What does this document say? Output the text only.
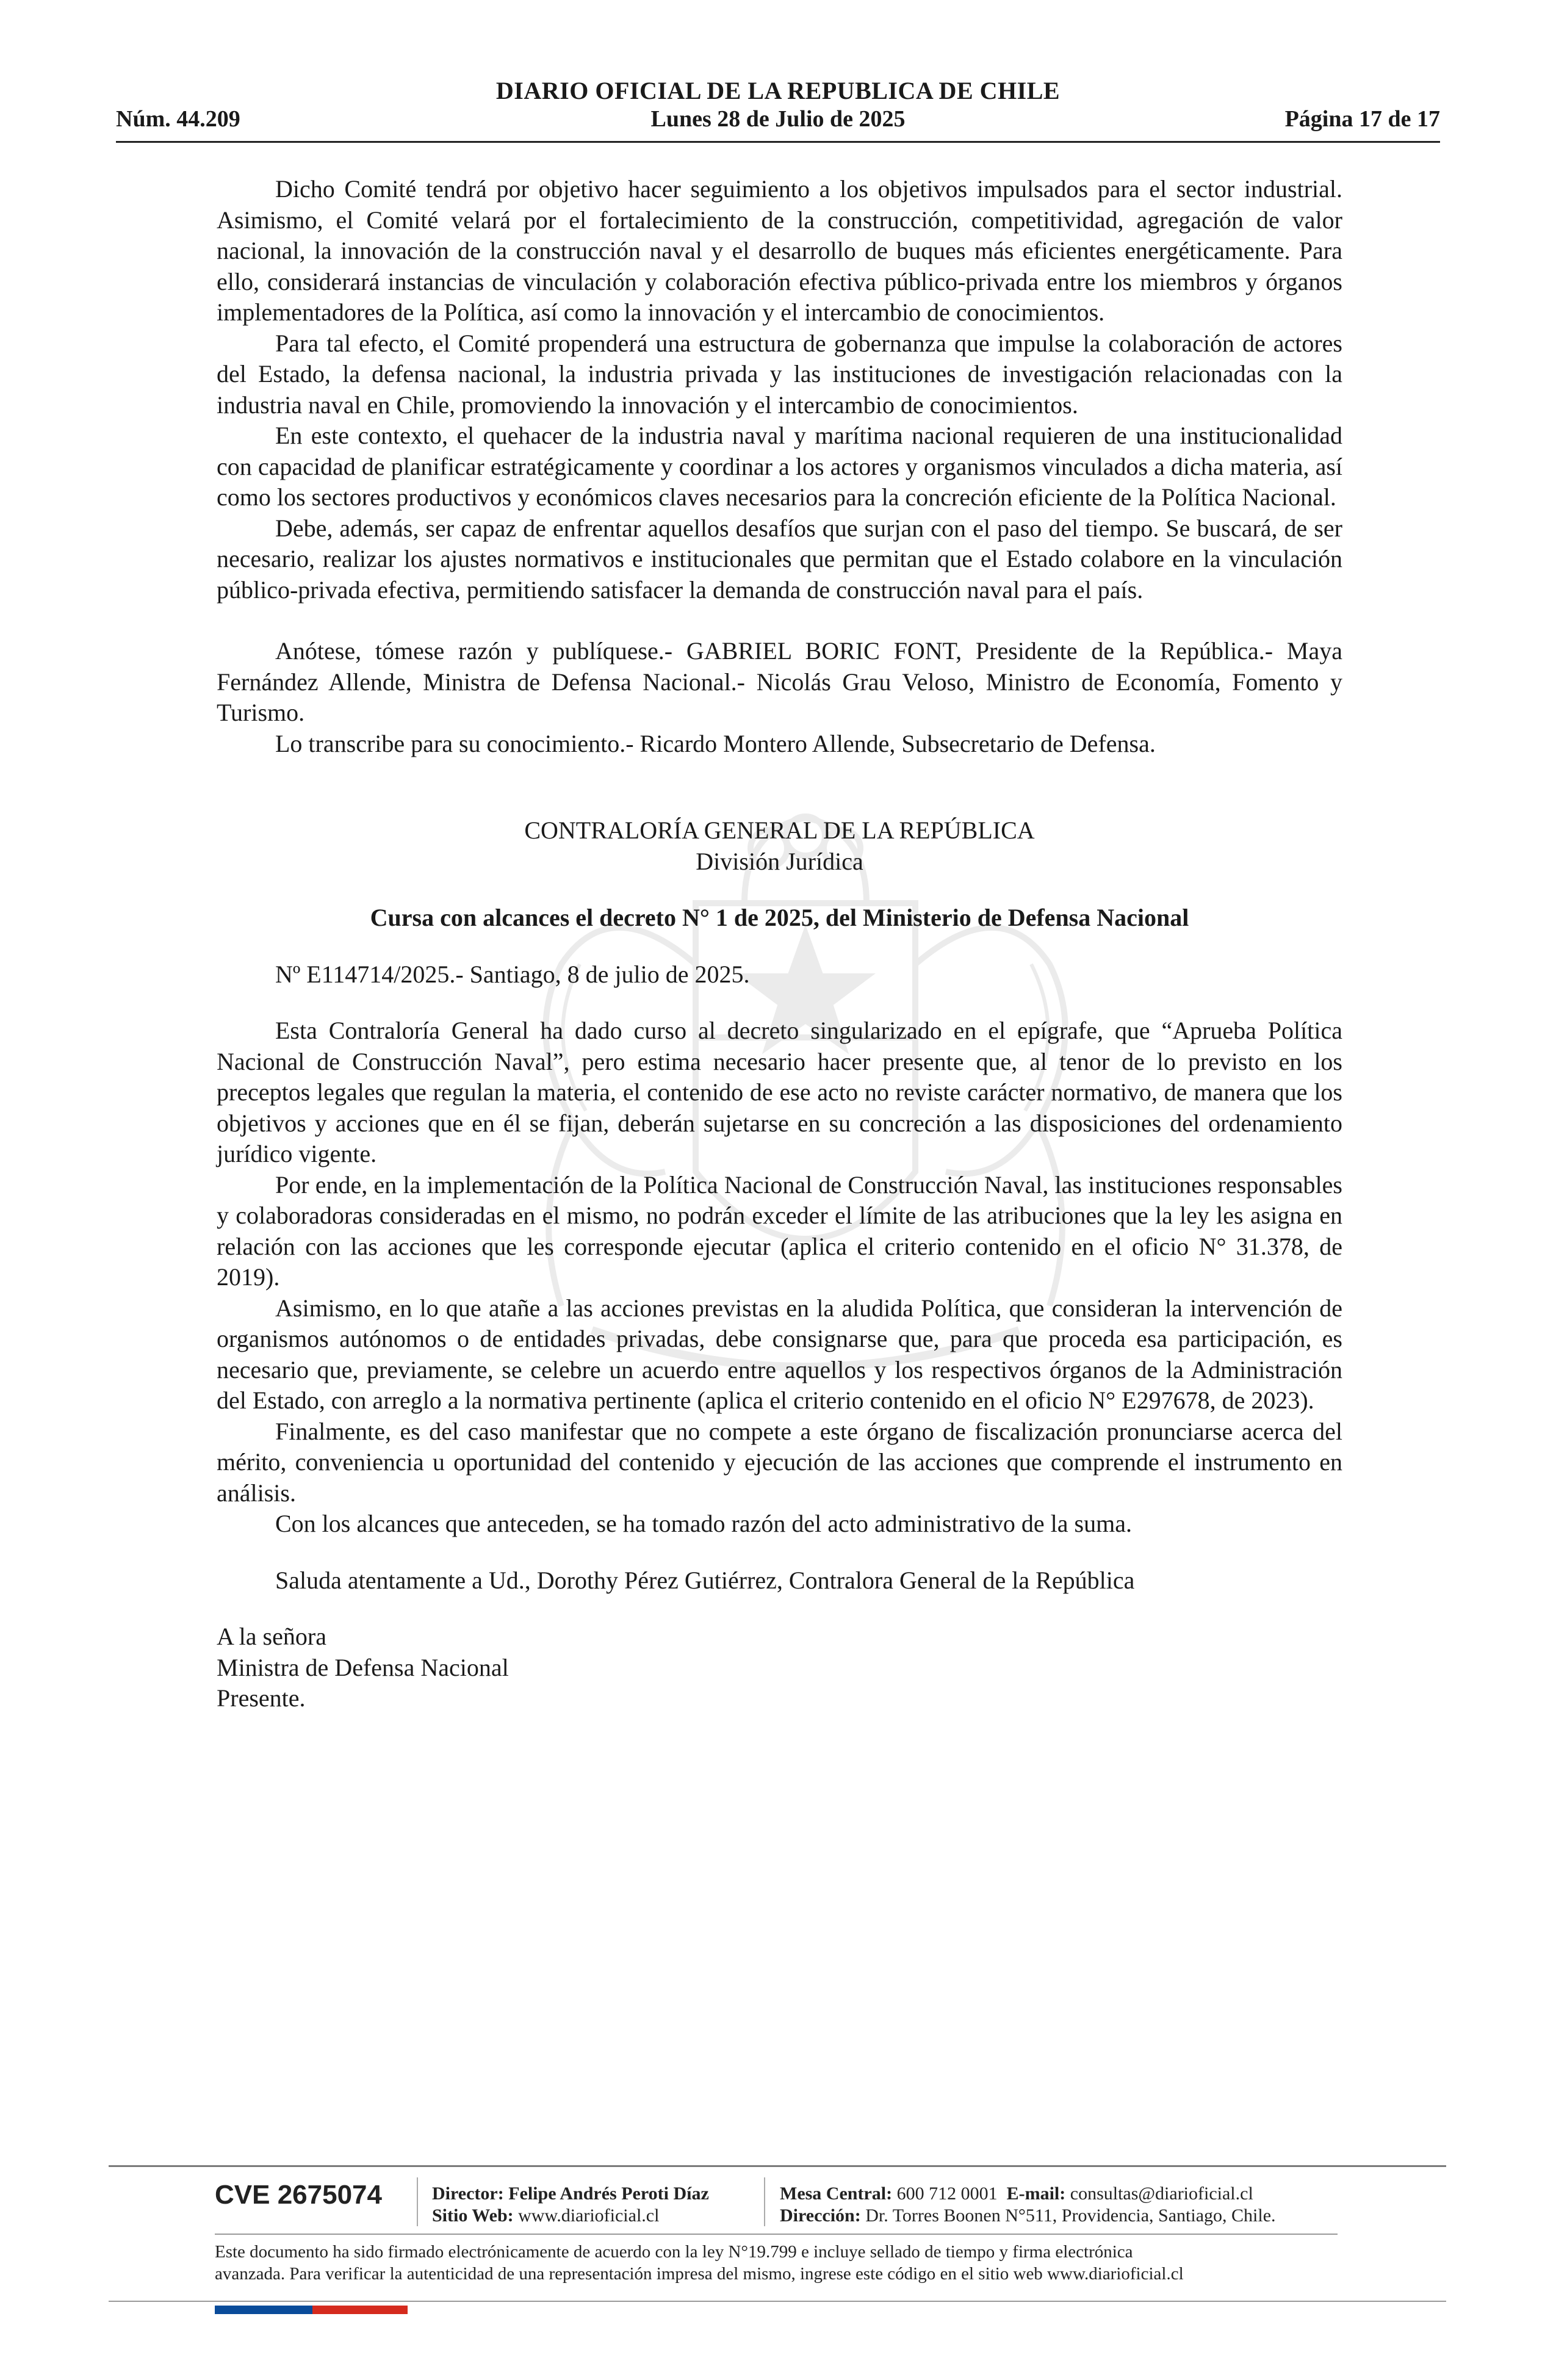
DIARIO OFICIAL DE LA REPUBLICA DE CHILE
Núm. 44.209	Lunes 28 de Julio de 2025	Página 17 de 17

Dicho Comité tendrá por objetivo hacer seguimiento a los objetivos impulsados para el sector industrial. Asimismo, el Comité velará por el fortalecimiento de la construcción, competitividad, agregación de valor nacional, la innovación de la construcción naval y el desarrollo de buques más eficientes energéticamente. Para ello, considerará instancias de vinculación y colaboración efectiva público-privada entre los miembros y órganos implementadores de la Política, así como la innovación y el intercambio de conocimientos.

Para tal efecto, el Comité propenderá una estructura de gobernanza que impulse la colaboración de actores del Estado, la defensa nacional, la industria privada y las instituciones de investigación relacionadas con la industria naval en Chile, promoviendo la innovación y el intercambio de conocimientos.

En este contexto, el quehacer de la industria naval y marítima nacional requieren de una institucionalidad con capacidad de planificar estratégicamente y coordinar a los actores y organismos vinculados a dicha materia, así como los sectores productivos y económicos claves necesarios para la concreción eficiente de la Política Nacional.

Debe, además, ser capaz de enfrentar aquellos desafíos que surjan con el paso del tiempo. Se buscará, de ser necesario, realizar los ajustes normativos e institucionales que permitan que el Estado colabore en la vinculación público-privada efectiva, permitiendo satisfacer la demanda de construcción naval para el país.

Anótese, tómese razón y publíquese.- GABRIEL BORIC FONT, Presidente de la República.- Maya Fernández Allende, Ministra de Defensa Nacional.- Nicolás Grau Veloso, Ministro de Economía, Fomento y Turismo.

Lo transcribe para su conocimiento.- Ricardo Montero Allende, Subsecretario de Defensa.

CONTRALORÍA GENERAL DE LA REPÚBLICA

División Jurídica

Cursa con alcances el decreto N° 1 de 2025, del Ministerio de Defensa Nacional

Nº E114714/2025.- Santiago, 8 de julio de 2025.

Esta Contraloría General ha dado curso al decreto singularizado en el epígrafe, que “Aprueba Política Nacional de Construcción Naval”, pero estima necesario hacer presente que, al tenor de lo previsto en los preceptos legales que regulan la materia, el contenido de ese acto no reviste carácter normativo, de manera que los objetivos y acciones que en él se fijan, deberán sujetarse en su concreción a las disposiciones del ordenamiento jurídico vigente.

Por ende, en la implementación de la Política Nacional de Construcción Naval, las instituciones responsables y colaboradoras consideradas en el mismo, no podrán exceder el límite de las atribuciones que la ley les asigna en relación con las acciones que les corresponde ejecutar (aplica el criterio contenido en el oficio N° 31.378, de 2019).

Asimismo, en lo que atañe a las acciones previstas en la aludida Política, que consideran la intervención de organismos autónomos o de entidades privadas, debe consignarse que, para que proceda esa participación, es necesario que, previamente, se celebre un acuerdo entre aquellos y los respectivos órganos de la Administración del Estado, con arreglo a la normativa pertinente (aplica el criterio contenido en el oficio N° E297678, de 2023).

Finalmente, es del caso manifestar que no compete a este órgano de fiscalización pronunciarse acerca del mérito, conveniencia u oportunidad del contenido y ejecución de las acciones que comprende el instrumento en análisis.

Con los alcances que anteceden, se ha tomado razón del acto administrativo de la suma.

Saluda atentamente a Ud., Dorothy Pérez Gutiérrez, Contralora General de la República

A la señora

Ministra de Defensa Nacional

Presente.

CVE 2675074	Director: Felipe Andrés Peroti Díaz
Sitio Web: www.diarioficial.cl
Mesa Central: 600 712 0001 E-mail: consultas@diarioficial.cl
Dirección: Dr. Torres Boonen N°511, Providencia, Santiago, Chile.
Este documento ha sido firmado electrónicamente de acuerdo con la ley N°19.799 e incluye sellado de tiempo y firma electrónica
avanzada. Para verificar la autenticidad de una representación impresa del mismo, ingrese este código en el sitio web www.diarioficial.cl
